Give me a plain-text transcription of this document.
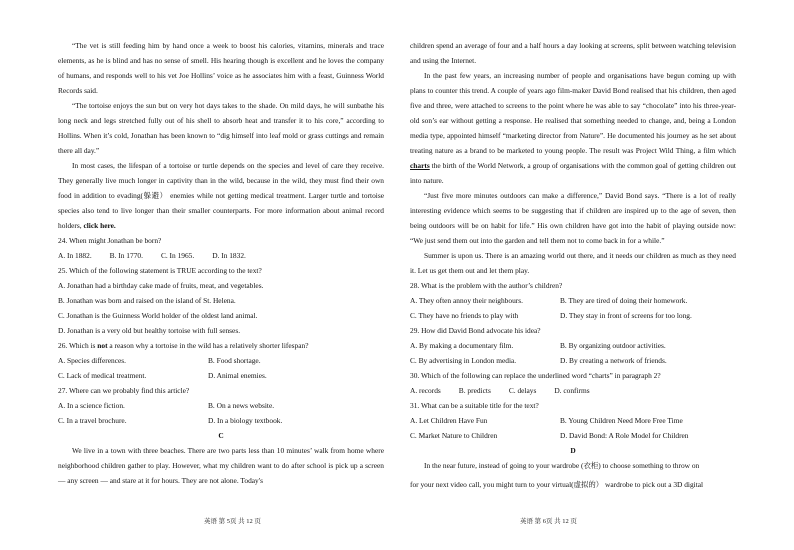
“The vet is still feeding him by hand once a week to boost his calories, vitamins, minerals and trace elements, as he is blind and has no sense of smell. His hearing though is excellent and he loves the company of humans, and responds well to his vet Joe Hollins’ voice as he associates him with a feast, Guinness World Records said.

“The tortoise enjoys the sun but on very hot days takes to the shade. On mild days, he will sunbathe his long neck and legs stretched fully out of his shell to absorb heat and transfer it to his core,” according to Hollins. When it’s cold, Jonathan has been known to “dig himself into leaf mold or grass cuttings and remain there all day.”

In most cases, the lifespan of a tortoise or turtle depends on the species and level of care they receive. They generally live much longer in captivity than in the wild, because in the wild, they must find their own food in addition to evading(躲避） enemies while not getting medical treatment. Larger turtle and tortoise species also tend to live longer than their smaller counterparts. For more information about animal record holders, click here.

24. When might Jonathan be born?

A. In 1882. B. In 1770. C. In 1965. D. In 1832.

25. Which of the following statement is TRUE according to the text?

A. Jonathan had a birthday cake made of fruits, meat, and vegetables.

B. Jonathan was born and raised on the island of St. Helena.

C. Jonathan is the Guinness World holder of the oldest land animal.

D. Jonathan is a very old but healthy tortoise with full senses.

26. Which is not a reason why a tortoise in the wild has a relatively shorter lifespan?

A. Species differences.	B. Food shortage.
C. Lack of medical treatment.	D. Animal enemies.

27. Where can we probably find this article?

A. In a science fiction.	B. On a news website.
C. In a travel brochure.	D. In a biology textbook.

C

We live in a town with three beaches. There are two parts less than 10 minutes’ walk from home where neighborhood children gather to play. However, what my children want to do after school is pick up a screen — any screen — and stare at it for hours. They are not alone. Today's

children spend an average of four and a half hours a day looking at screens, split between watching television and using the Internet.

In the past few years, an increasing number of people and organisations have begun coming up with plans to counter this trend. A couple of years ago film-maker David Bond realised that his children, then aged five and three, were attached to screens to the point where he was able to say “chocolate” into his three-year-old son’s ear without getting a response. He realised that something needed to change, and, being a London media type, appointed himself “marketing director from Nature”. He documented his journey as he set about treating nature as a brand to be marketed to young people. The result was Project Wild Thing, a film which charts the birth of the World Network, a group of organisations with the common goal of getting children out into nature.

“Just five more minutes outdoors can make a difference,” David Bond says. “There is a lot of really interesting evidence which seems to be suggesting that if children are inspired up to the age of seven, then being outdoors will be on habit for life.” His own children have got into the habit of playing outside now: “We just send them out into the garden and tell them not to come back in for a while.”

Summer is upon us. There is an amazing world out there, and it needs our children as much as they need it. Let us get them out and let them play.

28. What is the problem with the author’s children?

A. They often annoy their neighbours.	B. They are tired of doing their homework.
C. They have no friends to play with	D. They stay in front of screens for too long.

29. How did David Bond advocate his idea?

A. By making a documentary film.	B. By organizing outdoor activities.
C. By advertising in London media.	D. By creating a network of friends.

30. Which of the following can replace the underlined word “charts” in paragraph 2?

A. records B. predicts C. delays D. confirms

31. What can be a suitable title for the text?

A. Let Children Have Fun	B. Young Children Need More Free Time
C. Market Nature to Children	D. David Bond: A Role Model for Children

D

In the near future, instead of going to your wardrobe (衣柜) to choose something to throw on

for your next video call, you might turn to your virtual(虚拟的） wardrobe to pick out a 3D digital

英语 第 5页 共 12 页	英语 第 6页 共 12 页
